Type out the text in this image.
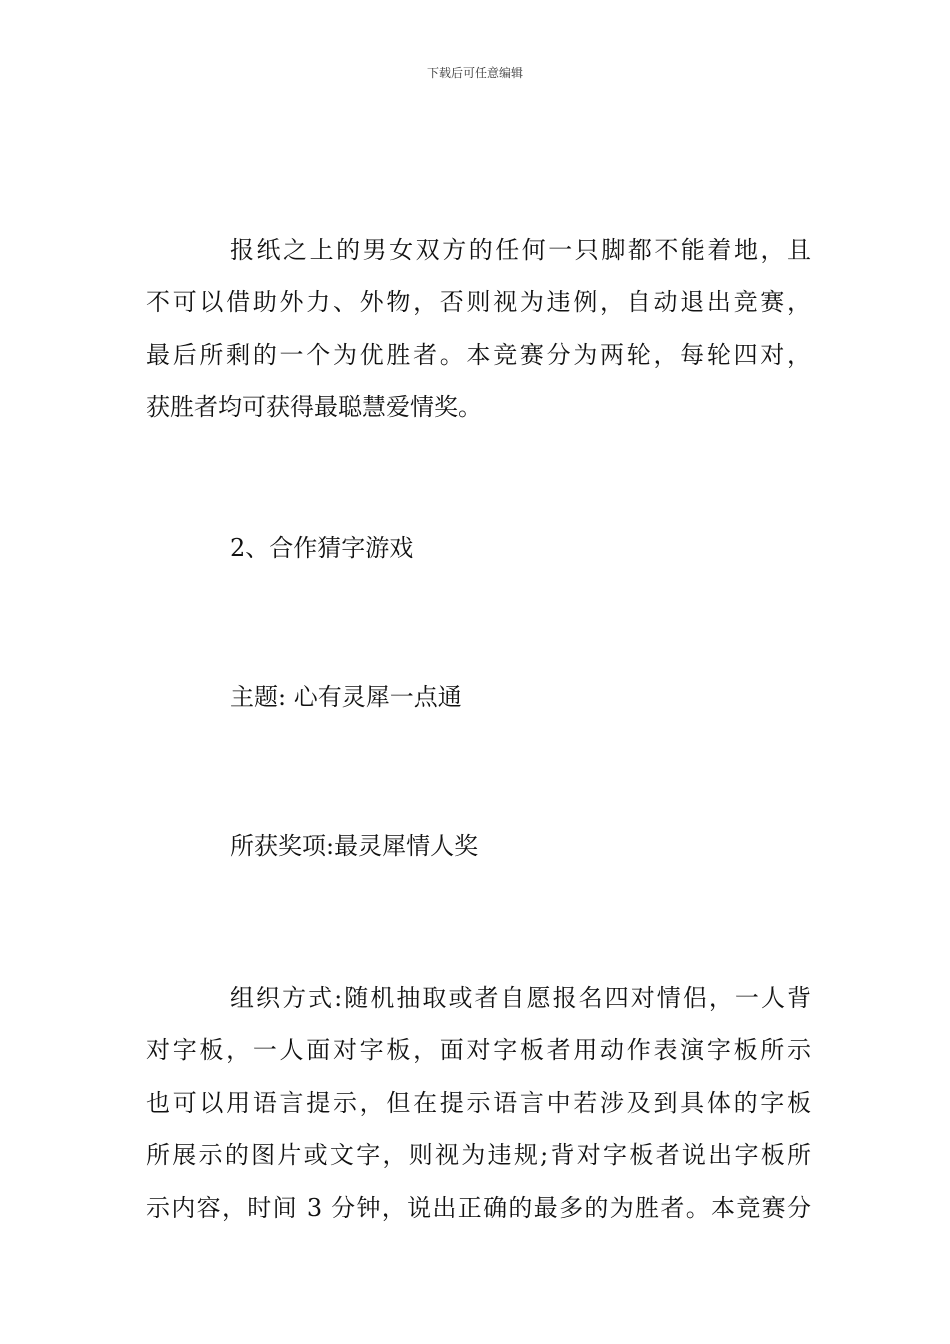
下载后可任意编辑
报纸之上的男女双方的任何一只脚都不能着地，且
不可以借助外力、外物，否则视为违例，自动退出竞赛，
最后所剩的一个为优胜者。本竞赛分为两轮，每轮四对，
获胜者均可获得最聪慧爱情奖。
2、合作猜字游戏
主题: 心有灵犀一点通
所获奖项:最灵犀情人奖
组织方式:随机抽取或者自愿报名四对情侣，一人背
对字板，一人面对字板，面对字板者用动作表演字板所示
也可以用语言提示，但在提示语言中若涉及到具体的字板
所展示的图片或文字，则视为违规;背对字板者说出字板所
示内容，时间 3 分钟，说出正确的最多的为胜者。本竞赛分
